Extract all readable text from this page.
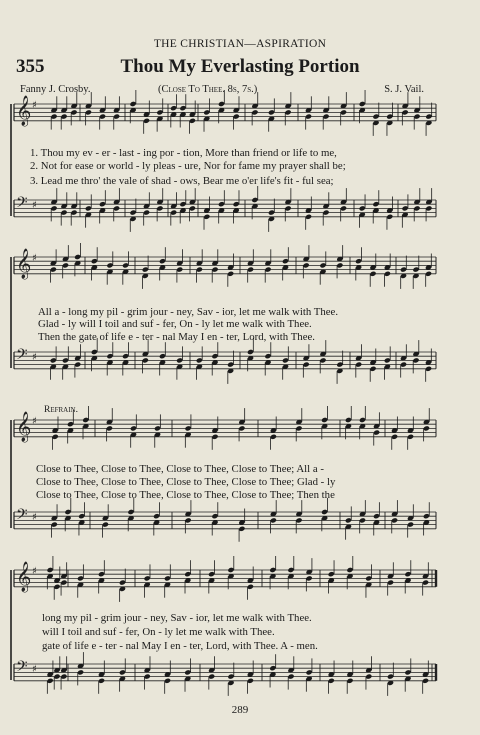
THE CHRISTIAN—ASPIRATION
355	Thou My Everlasting Portion
Fanny J. Crosby.	(Close To Thee. 8s, 7s.)	S. J. Vail.
𝄞 ♯
𝄢 ♯
𝄞 ♯
𝄢 ♯
𝄞 ♯
𝄢 ♯
𝄞 ♯
𝄢 ♯
1. Thou my ev - er - last - ing por - tion, More than friend or life to me,
2. Not for ease or world - ly pleas - ure, Nor for fame my prayer shall be;
3. Lead me thro' the vale of shad - ows, Bear me o'er life's fit - ful sea;
All a - long my pil - grim jour - ney, Sav - ior, let me walk with Thee.
Glad - ly will I toil and suf - fer, On - ly let me walk with Thee.
Then the gate of life e - ter - nal May I en - ter, Lord, with Thee.
Refrain.
Close to Thee, Close to Thee, Close to Thee, Close to Thee; All a -
Close to Thee, Close to Thee, Close to Thee, Close to Thee; Glad - ly
Close to Thee, Close to Thee, Close to Thee, Close to Thee; Then the
long my pil - grim jour - ney, Sav - ior, let me walk with Thee.
will I toil and suf - fer, On - ly let me walk with Thee.
gate of life e - ter - nal May I en - ter, Lord, with Thee. A - men.
289
